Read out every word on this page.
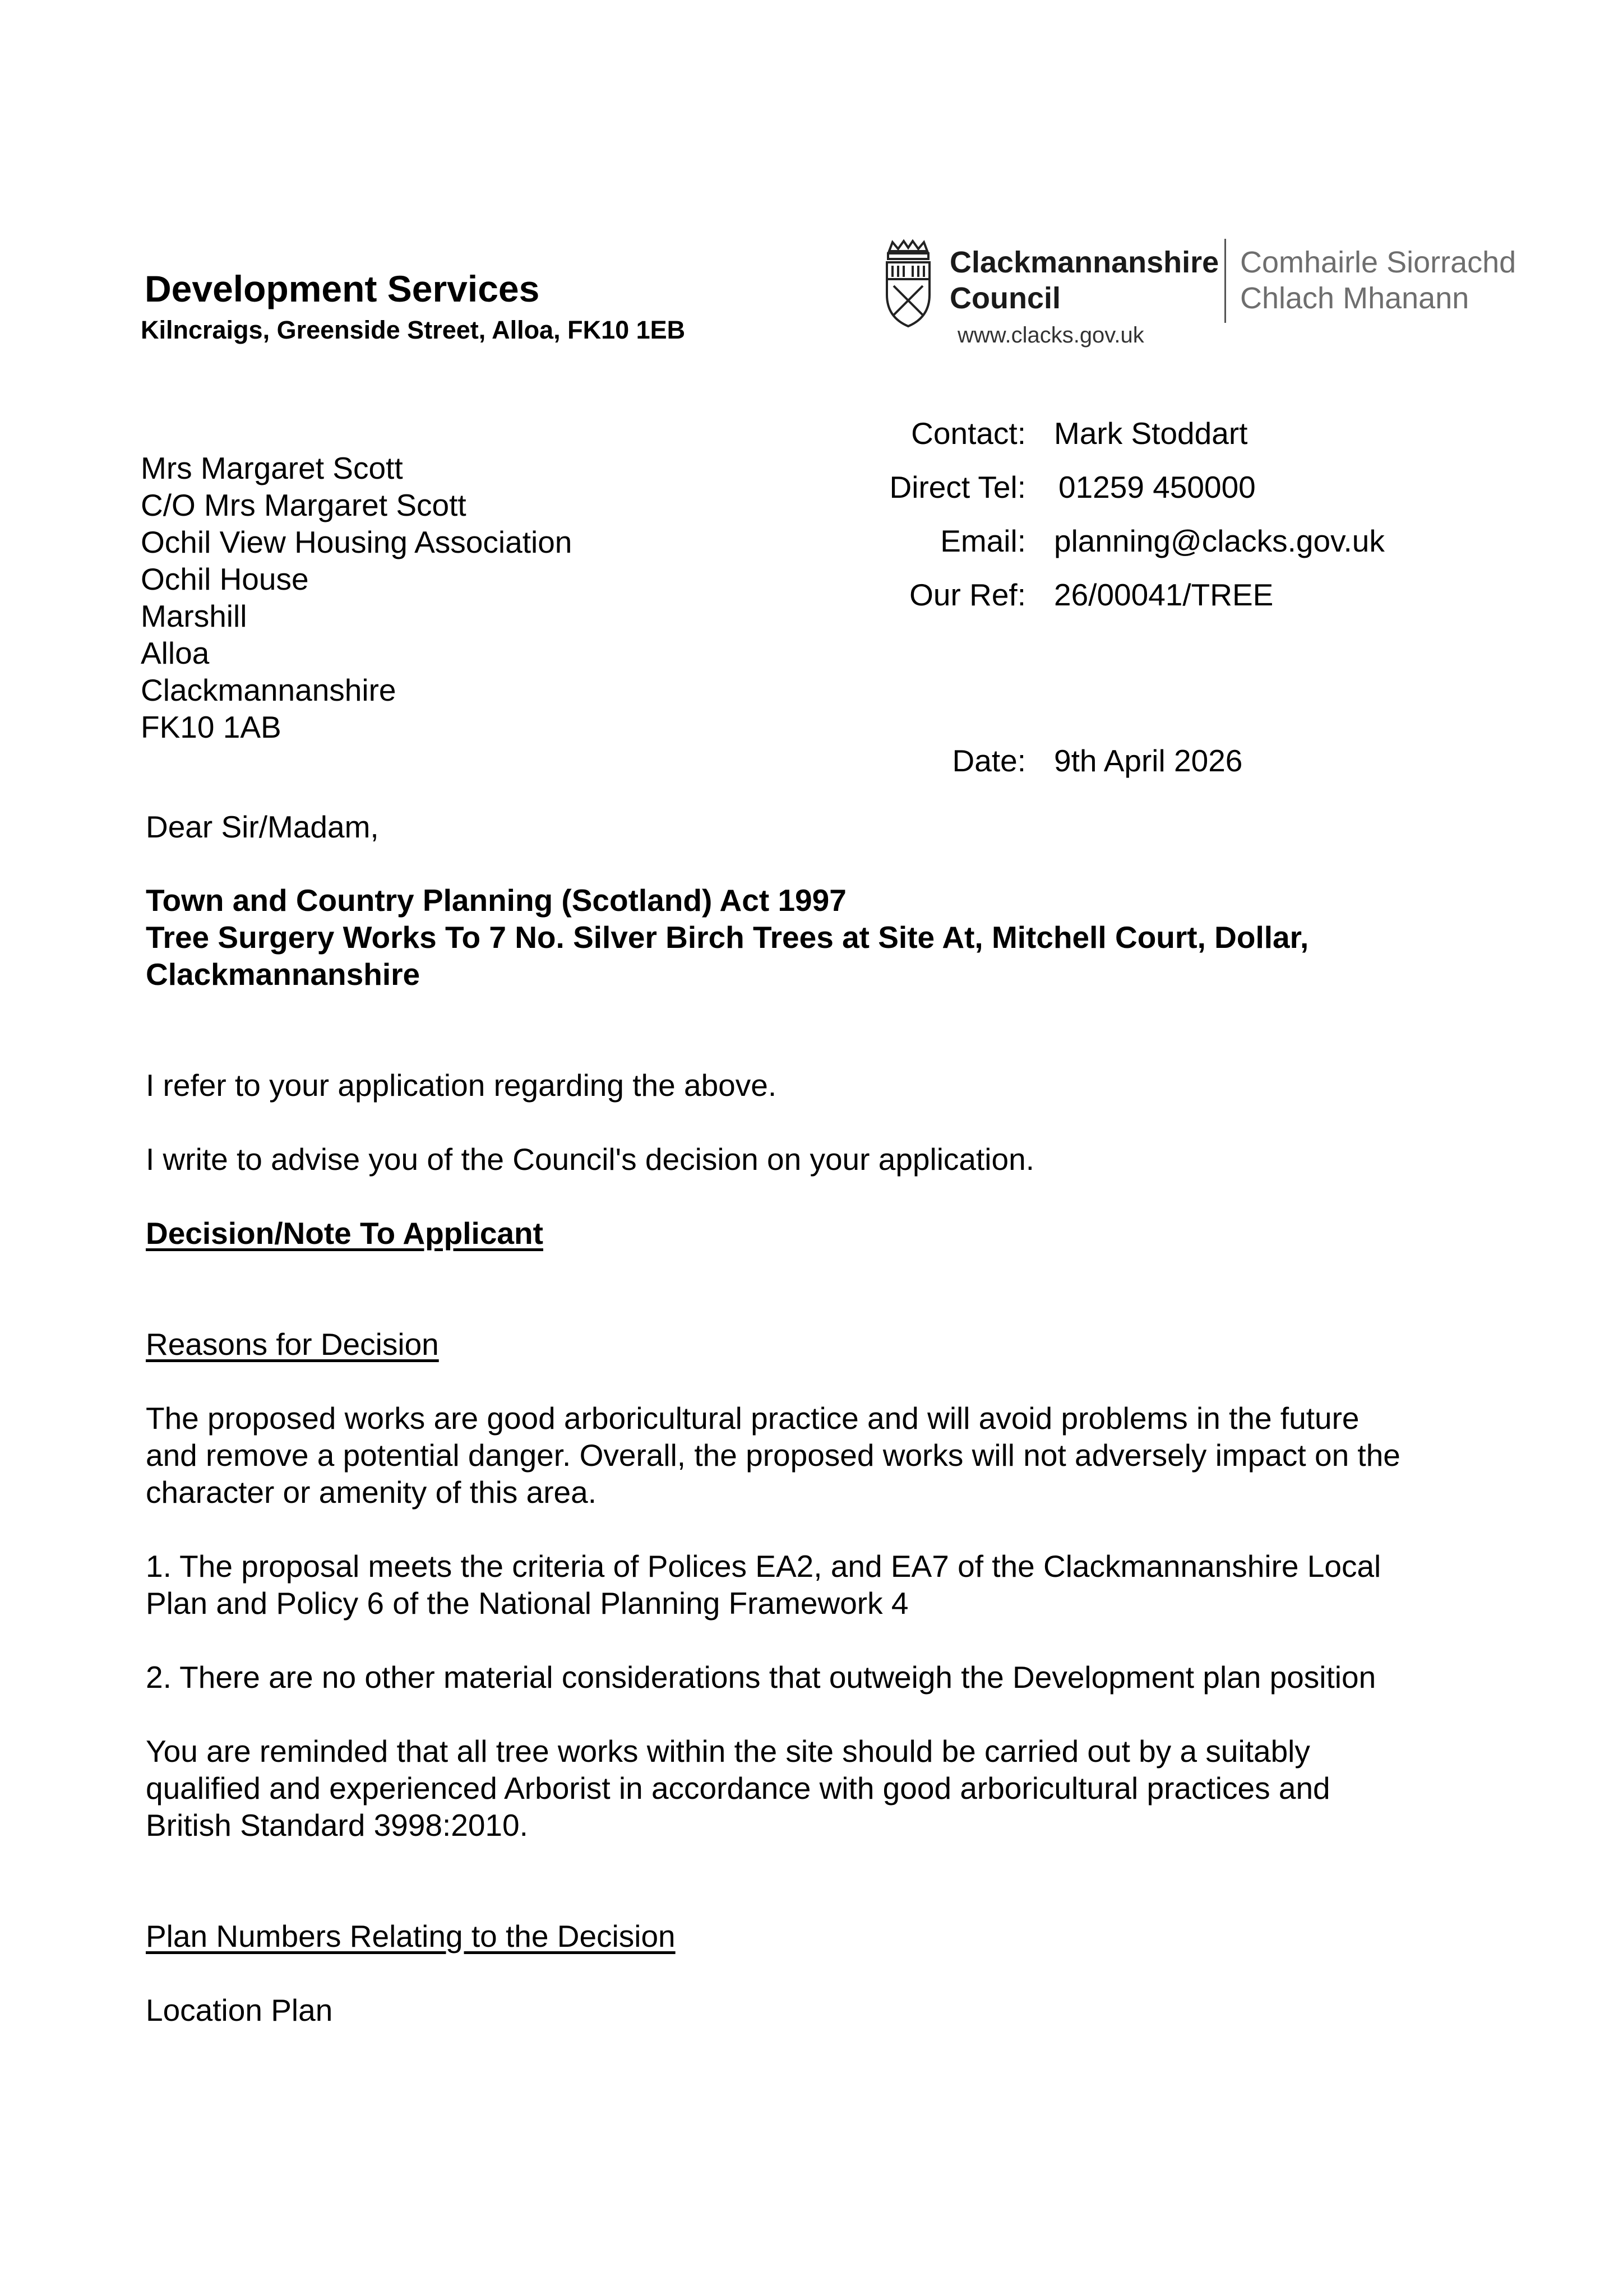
Development Services
Kilncraigs, Greenside Street, Alloa, FK10 1EB
Clackmannanshire
Council
Comhairle Siorrachd
Chlach Mhanann
www.clacks.gov.uk
Mrs Margaret Scott
C/O Mrs Margaret Scott
Ochil View Housing Association
Ochil House
Marshill
Alloa
Clackmannanshire
FK10 1AB
Contact: Mark Stoddart
Direct Tel: 01259 450000
Email: planning@clacks.gov.uk
Our Ref: 26/00041/TREE
Date: 9th April 2026
Dear Sir/Madam,
Town and Country Planning (Scotland) Act 1997
Tree Surgery Works To 7 No. Silver Birch Trees at Site At, Mitchell Court, Dollar,
Clackmannanshire
I refer to your application regarding the above.
I write to advise you of the Council's decision on your application.
Decision/Note To Applicant
Reasons for Decision
The proposed works are good arboricultural practice and will avoid problems in the future
and remove a potential danger. Overall, the proposed works will not adversely impact on the
character or amenity of this area.
1. The proposal meets the criteria of Polices EA2, and EA7 of the Clackmannanshire Local
Plan and Policy 6 of the National Planning Framework 4
2. There are no other material considerations that outweigh the Development plan position
You are reminded that all tree works within the site should be carried out by a suitably
qualified and experienced Arborist in accordance with good arboricultural practices and
British Standard 3998:2010.
Plan Numbers Relating to the Decision
Location Plan
